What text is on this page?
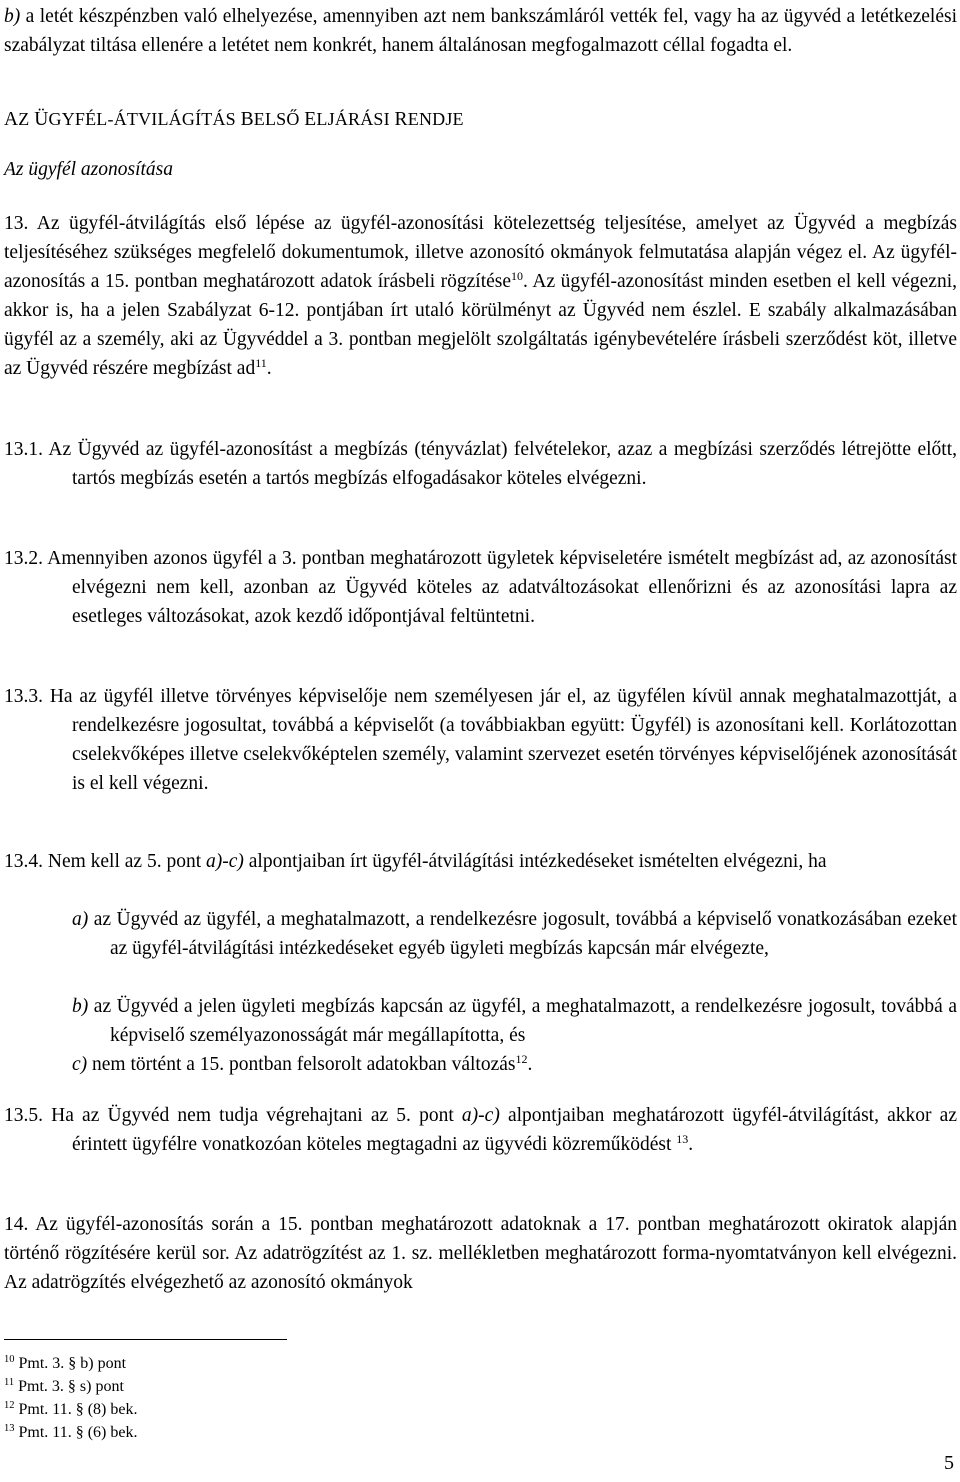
b) a letét készpénzben való elhelyezése, amennyiben azt nem bankszámláról vették fel, vagy ha az ügyvéd a letétkezelési szabályzat tiltása ellenére a letétet nem konkrét, hanem általánosan megfogalmazott céllal fogadta el.
AZ ÜGYFÉL-ÁTVILÁGÍTÁS BELSŐ ELJÁRÁSI RENDJE
Az ügyfél azonosítása
13. Az ügyfél-átvilágítás első lépése az ügyfél-azonosítási kötelezettség teljesítése, amelyet az Ügyvéd a megbízás teljesítéséhez szükséges megfelelő dokumentumok, illetve azonosító okmányok felmutatása alapján végez el. Az ügyfél-azonosítás a 15. pontban meghatározott adatok írásbeli rögzítése$^{10}$. Az ügyfél-azonosítást minden esetben el kell végezni, akkor is, ha a jelen Szabályzat 6-12. pontjában írt utaló körülményt az Ügyvéd nem észlel. E szabály alkalmazásában ügyfél az a személy, aki az Ügyvéddel a 3. pontban megjelölt szolgáltatás igénybevételére írásbeli szerződést köt, illetve az Ügyvéd részére megbízást $ad^{11}$.
13.1. Az Ügyvéd az ügyfél-azonosítást a megbízás (tényvázlat) felvételekor, azaz a megbízási szerződés létrejötte előtt, tartós megbízás esetén a tartós megbízás elfogadásakor köteles elvégezni.
13.2. Amennyiben azonos ügyfél a 3. pontban meghatározott ügyletek képviseletére ismételt megbízást ad, az azonosítást elvégezni nem kell, azonban az Ügyvéd köteles az adatváltozásokat ellenőrizni és az azonosítási lapra az esetleges változásokat, azok kezdő időpontjával feltüntetni.
13.3. Ha az ügyfél illetve törvényes képviselője nem személyesen jár el, az ügyfélen kívül annak meghatalmazottját, a rendelkezésre jogosultat, továbbá a képviselőt (a továbbiakban együtt: Ügyfél) is azonosítani kell. Korlátozottan cselekvőképes illetve cselekvőképtelen személy, valamint szervezet esetén törvényes képviselőjének azonosítását is el kell végezni.
13.4. Nem kell az 5. pont a)-c) alpontjaiban írt ügyfél-átvilágítási intézkedéseket ismételten elvégezni, ha
a) az Ügyvéd az ügyfél, a meghatalmazott, a rendelkezésre jogosult, továbbá a képviselő vonatkozásában ezeket az ügyfél-átvilágítási intézkedéseket egyéb ügyleti megbízás kapcsán már elvégezte,
b) az Ügyvéd a jelen ügyleti megbízás kapcsán az ügyfél, a meghatalmazott, a rendelkezésre jogosult, továbbá a képviselő személyazonosságát már megállapította, és
c) nem történt a 15. pontban felsorolt adatokban változás$^{12}$.
13.5. Ha az Ügyvéd nem tudja végrehajtani az 5. pont a)-c) alpontjaiban meghatározott ügyfél-átvilágítást, akkor az érintett ügyfélre vonatkozóan köteles megtagadni az ügyvédi közreműködést $^{13}$.
14. Az ügyfél-azonosítás során a 15. pontban meghatározott adatoknak a 17. pontban meghatározott okiratok alapján történő rögzítésére kerül sor. Az adatrögzítést az 1. sz. mellékletben meghatározott forma-nyomtatványon kell elvégezni. Az adatrögzítés elvégezhető az azonosító okmányok
$^{10}$ Pmt. 3. § b) pont
$^{11}$ Pmt. 3. § s) pont
$^{12}$ Pmt. 11. § (8) bek.
$^{13}$ Pmt. 11. § (6) bek.
5
